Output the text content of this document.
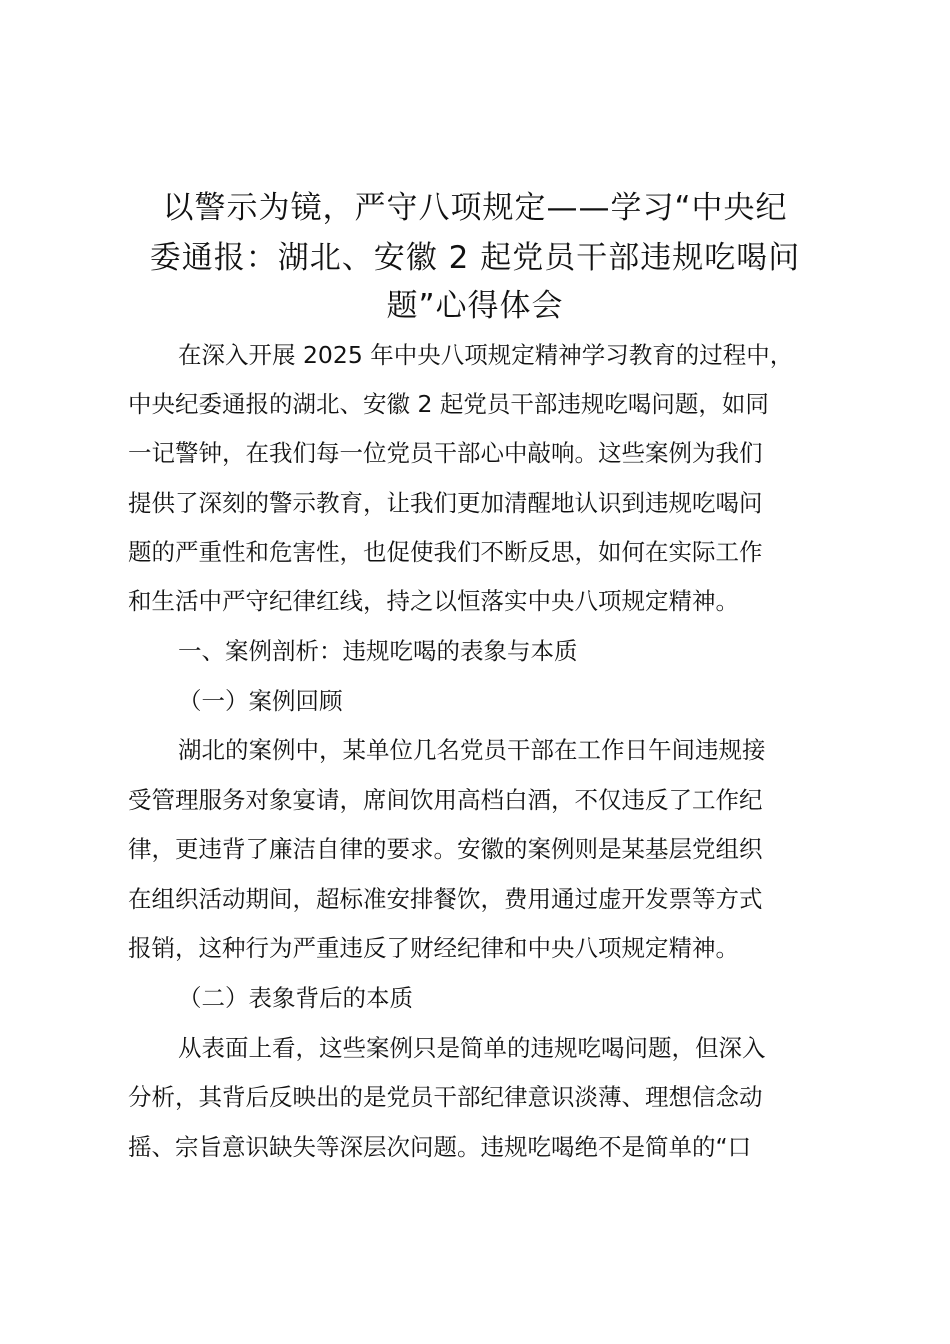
以警示为镜，严守八项规定——学习“中央纪
委通报：湖北、安徽 2 起党员干部违规吃喝问
题”心得体会
在深入开展 2025 年中央八项规定精神学习教育的过程中，
中央纪委通报的湖北、安徽 2 起党员干部违规吃喝问题，如同
一记警钟，在我们每一位党员干部心中敲响。这些案例为我们
提供了深刻的警示教育，让我们更加清醒地认识到违规吃喝问
题的严重性和危害性，也促使我们不断反思，如何在实际工作
和生活中严守纪律红线，持之以恒落实中央八项规定精神。
一、案例剖析：违规吃喝的表象与本质
（一）案例回顾
湖北的案例中，某单位几名党员干部在工作日午间违规接
受管理服务对象宴请，席间饮用高档白酒，不仅违反了工作纪
律，更违背了廉洁自律的要求。安徽的案例则是某基层党组织
在组织活动期间，超标准安排餐饮，费用通过虚开发票等方式
报销，这种行为严重违反了财经纪律和中央八项规定精神。
（二）表象背后的本质
从表面上看，这些案例只是简单的违规吃喝问题，但深入
分析，其背后反映出的是党员干部纪律意识淡薄、理想信念动
摇、宗旨意识缺失等深层次问题。违规吃喝绝不是简单的“口
